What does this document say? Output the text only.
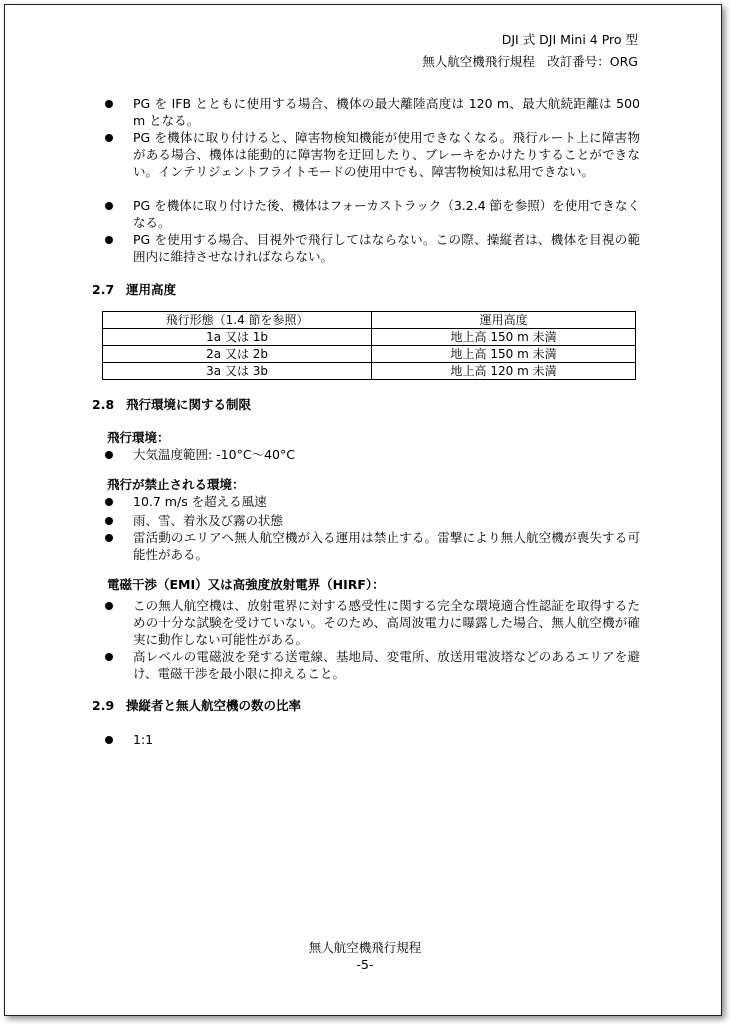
DJI 式 DJI Mini 4 Pro 型
無人航空機飛行規程　改訂番号：ORG
PG を IFB とともに使用する場合、機体の最大離陸高度は 120 m、最大航続距離は 500 m となる。
PG を機体に取り付けると、障害物検知機能が使用できなくなる。飛行ルート上に障害物がある場合、機体は能動的に障害物を迂回したり、ブレーキをかけたりすることができない。インテリジェントフライトモードの使用中でも、障害物検知は私用できない。
PG を機体に取り付けた後、機体はフォーカストラック（3.2.4 節を参照）を使用できなくなる。
PG を使用する場合、目視外で飛行してはならない。この際、操縦者は、機体を目視の範囲内に維持させなければならない。
2.7 運用高度
飛行形態（1.4 節を参照）	運用高度
1a 又は 1b	地上高 150 m 未満
2a 又は 2b	地上高 150 m 未満
3a 又は 3b	地上高 120 m 未満
2.8 飛行環境に関する制限
飛行環境：
大気温度範囲: -10°C～40°C
飛行が禁止される環境：
10.7 m/s を超える風速
雨、雪、着氷及び霧の状態
雷活動のエリアへ無人航空機が入る運用は禁止する。雷撃により無人航空機が喪失する可能性がある。
電磁干渉（EMI）又は高強度放射電界（HIRF）：
この無人航空機は、放射電界に対する感受性に関する完全な環境適合性認証を取得するための十分な試験を受けていない。そのため、高周波電力に曝露した場合、無人航空機が確実に動作しない可能性がある。
高レベルの電磁波を発する送電線、基地局、変電所、放送用電波塔などのあるエリアを避け、電磁干渉を最小限に抑えること。
2.9 操縦者と無人航空機の数の比率
1:1
無人航空機飛行規程
-5-
